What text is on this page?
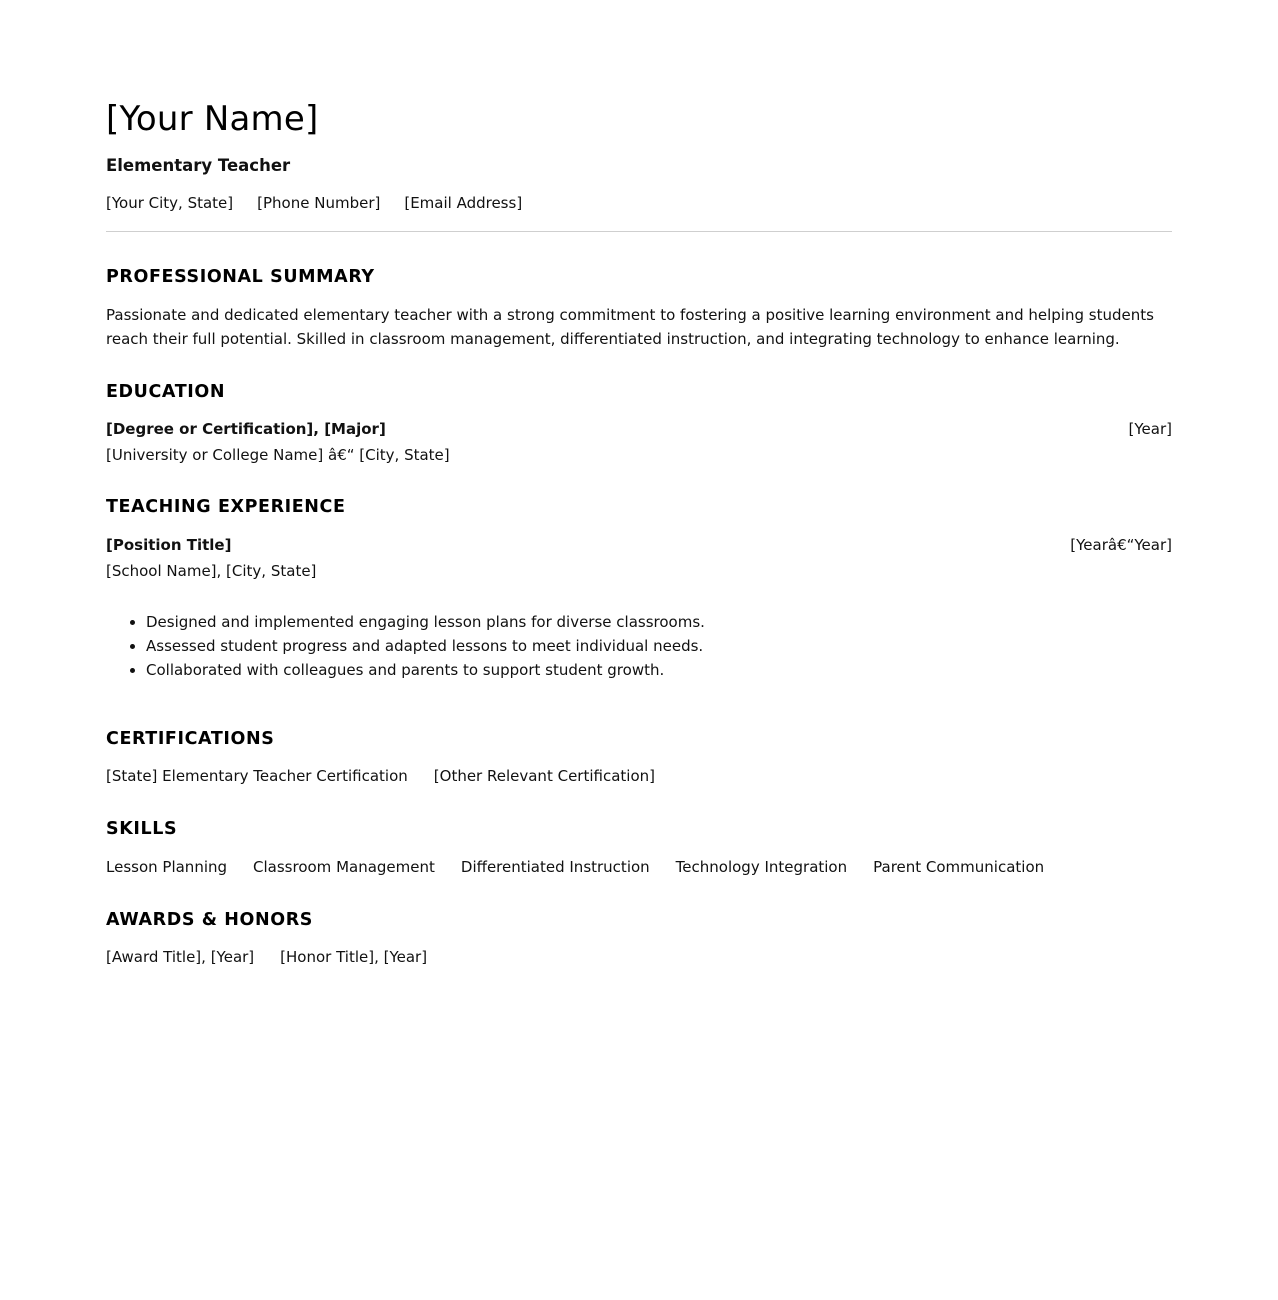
[Your Name]
Elementary Teacher
[Your City, State] [Phone Number] [Email Address]
PROFESSIONAL SUMMARY
Passionate and dedicated elementary teacher with a strong commitment to fostering a positive learning environment and helping students reach their full potential. Skilled in classroom management, differentiated instruction, and integrating technology to enhance learning.
EDUCATION
[Degree or Certification], [Major]	[Year]
[University or College Name] â€“ [City, State]
TEACHING EXPERIENCE
[Position Title]	[Yearâ€“Year]
[School Name], [City, State]
• Designed and implemented engaging lesson plans for diverse classrooms.
• Assessed student progress and adapted lessons to meet individual needs.
• Collaborated with colleagues and parents to support student growth.
CERTIFICATIONS
[State] Elementary Teacher Certification [Other Relevant Certification]
SKILLS
Lesson Planning Classroom Management Differentiated Instruction Technology Integration Parent Communication
AWARDS & HONORS
[Award Title], [Year] [Honor Title], [Year]
